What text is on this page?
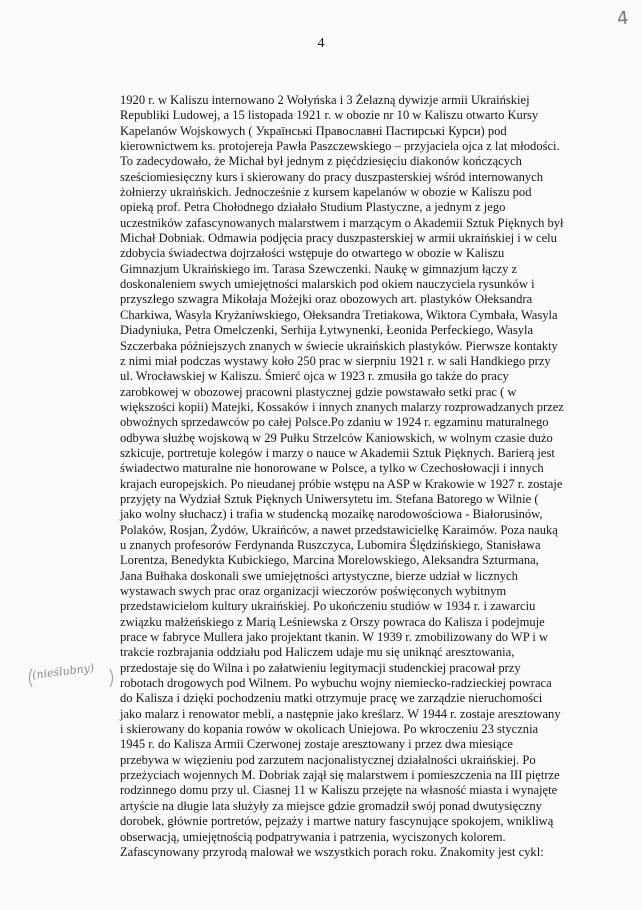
4
4
(nieślubny)
1920 r. w Kaliszu internowano 2 Wołyńska i 3 Żelazną dywizje armii Ukraińskiej
Republiki Ludowej, a 15 listopada 1921 r. w obozie nr 10 w Kaliszu otwarto Kursy
Kapelanów Wojskowych ( Українські Православні Пастирські Курси) pod
kierownictwem ks. protojereja Pawła Paszczewskiego – przyjaciela ojca z lat młodości.
To zadecydowało, że Michał był jednym z pięćdziesięciu diakonów kończących
sześciomiesięczny kurs i skierowany do pracy duszpasterskiej wśród internowanych
żołnierzy ukraińskich. Jednocześnie z kursem kapelanów w obozie w Kaliszu pod
opieką prof. Petra Chołodnego działało Studium Plastyczne, a jednym z jego
uczestników zafascynowanych malarstwem i marzącym o Akademii Sztuk Pięknych był
Michał Dobniak. Odmawia podjęcia pracy duszpasterskiej w armii ukraińskiej i w celu
zdobycia świadectwa dojrzałości wstępuje do otwartego w obozie w Kaliszu
Gimnazjum Ukraińskiego im. Tarasa Szewczenki. Naukę w gimnazjum łączy z
doskonaleniem swych umiejętności malarskich pod okiem nauczyciela rysunków i
przyszłego szwagra Mikołaja Możejki oraz obozowych art. plastyków Ołeksandra
Charkiwa, Wasyla Kryżaniwskiego, Ołeksandra Tretiakowa, Wiktora Cymbała, Wasyla
Diadyniuka, Petra Omelczenki, Serhija Łytwynenki, Łeonida Perfeckiego, Wasyla
Szczerbaka późniejszych znanych w świecie ukraińskich plastyków. Pierwsze kontakty
z nimi miał podczas wystawy koło 250 prac w sierpniu 1921 r. w sali Handkiego przy
ul. Wrocławskiej w Kaliszu. Śmierć ojca w 1923 r. zmusiła go także do pracy
zarobkowej w obozowej pracowni plastycznej gdzie powstawało setki prac ( w
większości kopii) Matejki, Kossaków i innych znanych malarzy rozprowadzanych przez
obwoźnych sprzedawców po całej Polsce.Po zdaniu w 1924 r. egzaminu maturalnego
odbywa służbę wojskową w 29 Pułku Strzelców Kaniowskich, w wolnym czasie dużo
szkicuje, portretuje kolegów i marzy o nauce w Akademii Sztuk Pięknych. Barierą jest
świadectwo maturalne nie honorowane w Polsce, a tylko w Czechosłowacji i innych
krajach europejskich. Po nieudanej próbie wstępu na ASP w Krakowie w 1927 r. zostaje
przyjęty na Wydział Sztuk Pięknych Uniwersytetu im. Stefana Batorego w Wilnie (
jako wolny słuchacz) i trafia w studencką mozaikę narodowościowa - Białorusinów,
Polaków, Rosjan, Żydów, Ukraińców, a nawet przedstawicielkę Karaimów. Poza nauką
u znanych profesorów Ferdynanda Ruszczyca, Lubomira Ślędzińskiego, Stanisława
Lorentza, Benedykta Kubickiego, Marcina Morelowskiego, Aleksandra Szturmana,
Jana Bułhaka doskonali swe umiejętności artystyczne, bierze udział w licznych
wystawach swych prac oraz organizacji wieczorów poświęconych wybitnym
przedstawicielom kultury ukraińskiej. Po ukończeniu studiów w 1934 r. i zawarciu
związku małżeńskiego z Marią Leśniewska z Orszy powraca do Kalisza i podejmuje
prace w fabryce Mullera jako projektant tkanin. W 1939 r. zmobilizowany do WP i w
trakcie rozbrajania oddziału pod Haliczem udaje mu się uniknąć aresztowania,
przedostaje się do Wilna i po załatwieniu legitymacji studenckiej pracował przy
robotach drogowych pod Wilnem. Po wybuchu wojny niemiecko-radzieckiej powraca
do Kalisza i dzięki pochodzeniu matki otrzymuje pracę we zarządzie nieruchomości
jako malarz i renowator mebli, a następnie jako kreślarz. W 1944 r. zostaje aresztowany
i skierowany do kopania rowów w okolicach Uniejowa. Po wkroczeniu 23 stycznia
1945 r. do Kalisza Armii Czerwonej zostaje aresztowany i przez dwa miesiące
przebywa w więzieniu pod zarzutem nacjonalistycznej działalności ukraińskiej. Po
przeżyciach wojennych M. Dobriak zajął się malarstwem i pomieszczenia na III piętrze
rodzinnego domu przy ul. Ciasnej 11 w Kaliszu przejęte na własność miasta i wynajęte
artyście na długie lata służyły za miejsce gdzie gromadził swój ponad dwutysięczny
dorobek, głównie portretów, pejzaży i martwe natury fascynujące spokojem, wnikliwą
obserwacją, umiejętnością podpatrywania i patrzenia, wyciszonych kolorem.
Zafascynowany przyrodą malował we wszystkich porach roku. Znakomity jest cykl:
